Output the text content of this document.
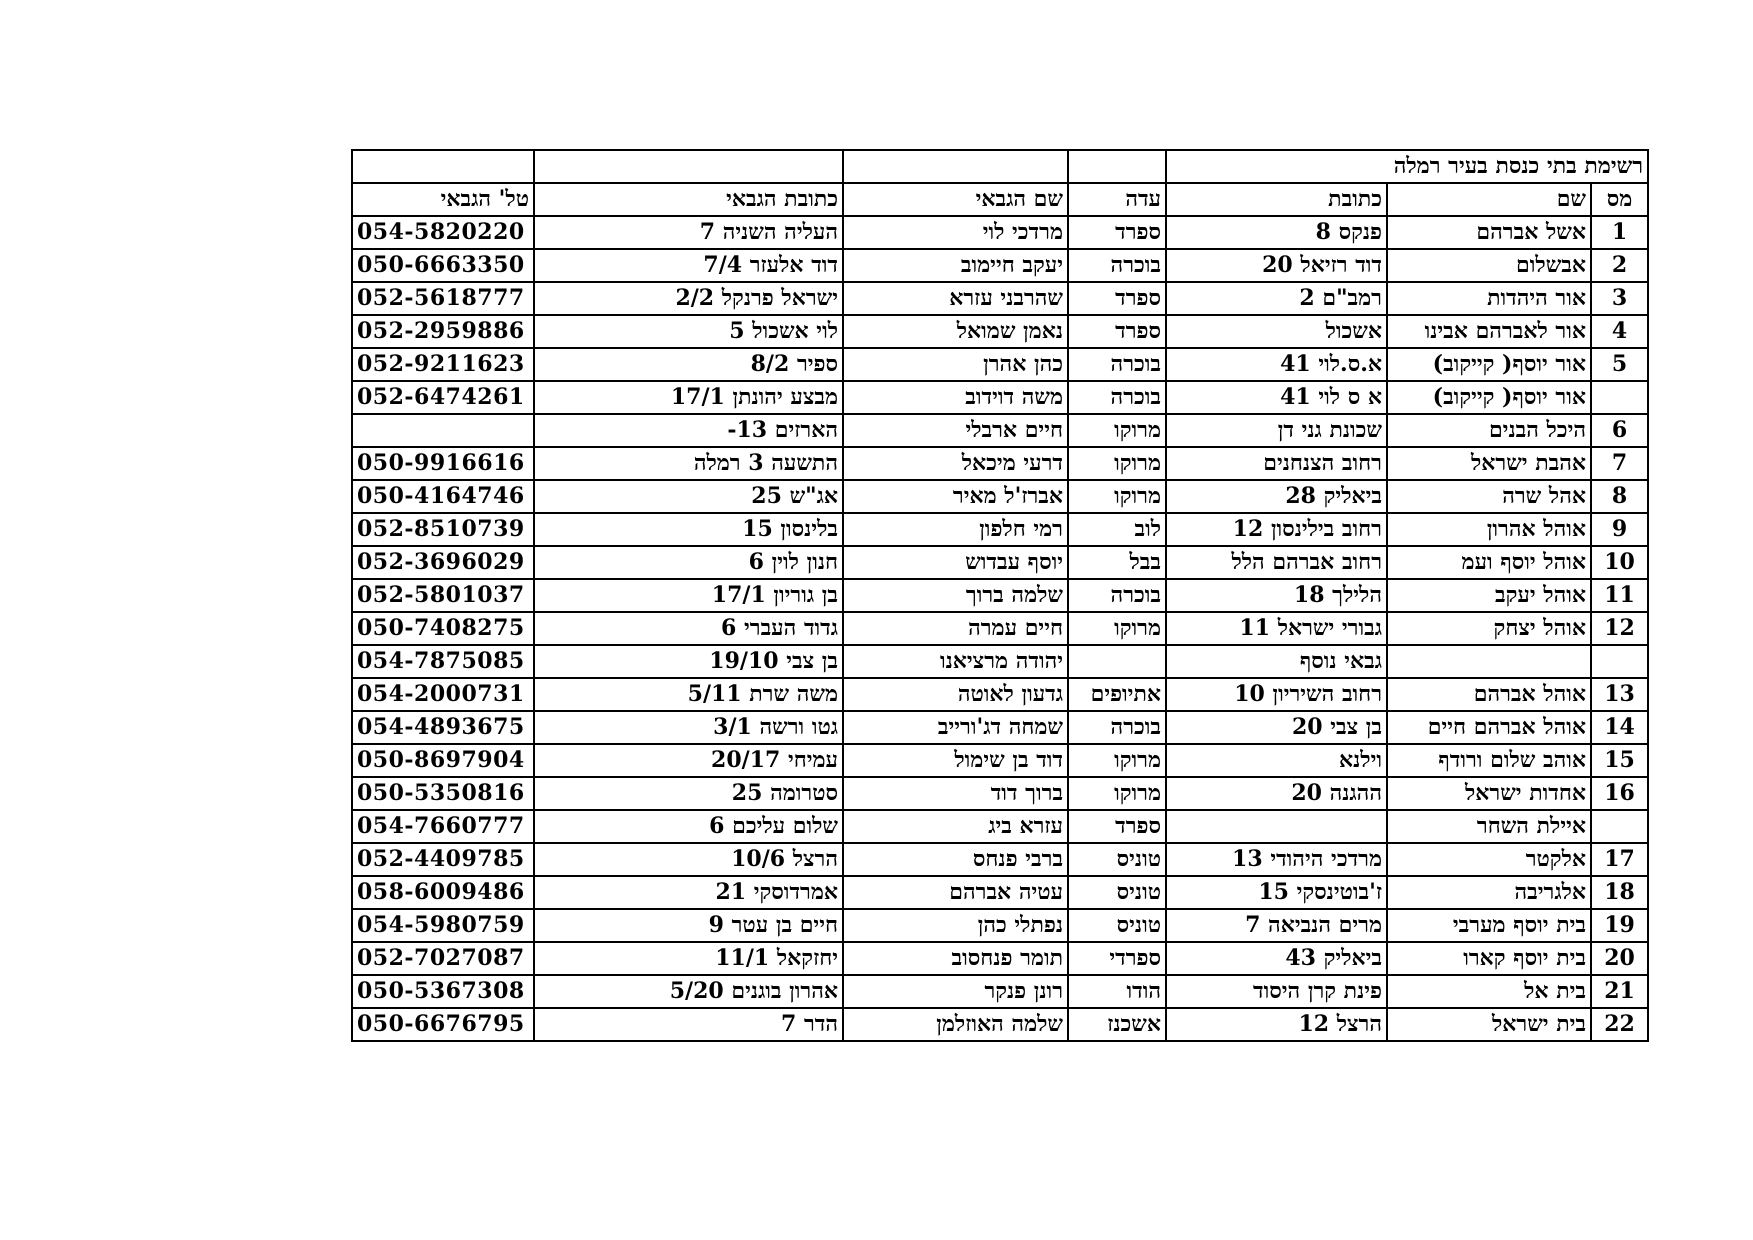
רשימת בתי כנסת בעיר רמלה						
מס	שם	כתובת	עדה	שם הגבאי	כתובת הגבאי	טל' הגבאי
1	אשל אברהם	פנקס 8	ספרד	מרדכי לוי	העליה השניה 7	054-5820220
2	אבשלום	דוד רזיאל 20	בוכרה	יעקב חיימוב	דוד אלעזר 7/4	050-6663350
3	אור היהדות	רמב"ם 2	ספרד	שהרבני עזרא	ישראל פרנקל 2/2	052-5618777
4	אור לאברהם אבינו	אשכול	ספרד	נאמן שמואל	לוי אשכול 5	052-2959886
5	אור יוסף( קייקוב)	א.ס.לוי 41	בוכרה	כהן אהרן	ספיר 8/2	052-9211623
	אור יוסף( קייקוב)	א ס לוי 41	בוכרה	משה דוידוב	מבצע יהונתן 17/1	052-6474261
6	היכל הבנים	שכונת גני דן	מרוקו	חיים ארבלי	הארזים 13-	
7	אהבת ישראל	רחוב הצנחנים	מרוקו	דרעי מיכאל	התשעה 3 רמלה	050-9916616
8	אהל שרה	ביאליק 28	מרוקו	אברז'ל מאיר	אג"ש 25	050-4164746
9	אוהל אהרון	רחוב בילינסון 12	לוב	רמי חלפון	בלינסון 15	052-8510739
10	אוהל יוסף ועמ	רחוב אברהם הלל	בבל	יוסף עבדוש	חנון לוין 6	052-3696029
11	אוהל יעקב	הלילך 18	בוכרה	שלמה ברוך	בן גוריון 17/1	052-5801037
12	אוהל יצחק	גבורי ישראל 11	מרוקו	חיים עמרה	גדוד העברי 6	050-7408275
		גבאי נוסף		יהודה מרציאנו	בן צבי 19/10	054-7875085
13	אוהל אברהם	רחוב השיריון 10	אתיופים	גדעון לאוטה	משה שרת 5/11	054-2000731
14	אוהל אברהם חיים	בן צבי 20	בוכרה	שמחה דג'ורייב	גטו ורשה 3/1	054-4893675
15	אוהב שלום ורודף	וילנא	מרוקו	דוד בן שימול	עמיחי 20/17	050-8697904
16	אחדות ישראל	ההגנה 20	מרוקו	ברוך דוד	סטרומה 25	050-5350816
	איילת השחר		ספרד	עזרא ביג	שלום עליכם 6	054-7660777
17	אלקטר	מרדכי היהודי 13	טוניס	ברבי פנחס	הרצל 10/6	052-4409785
18	אלגריבה	ז'בוטינסקי 15	טוניס	עטיה אברהם	אמרדוסקי 21	058-6009486
19	בית יוסף מערבי	מרים הנביאה 7	טוניס	נפתלי כהן	חיים בן עטר 9	054-5980759
20	בית יוסף קארו	ביאליק 43	ספרדי	תומר פנחסוב	יחזקאל 11/1	052-7027087
21	בית אל	פינת קרן היסוד	הודו	רונן פנקר	אהרון בוגנים 5/20	050-5367308
22	בית ישראל	הרצל 12	אשכנז	שלמה האוזלמן	הדר 7	050-6676795
